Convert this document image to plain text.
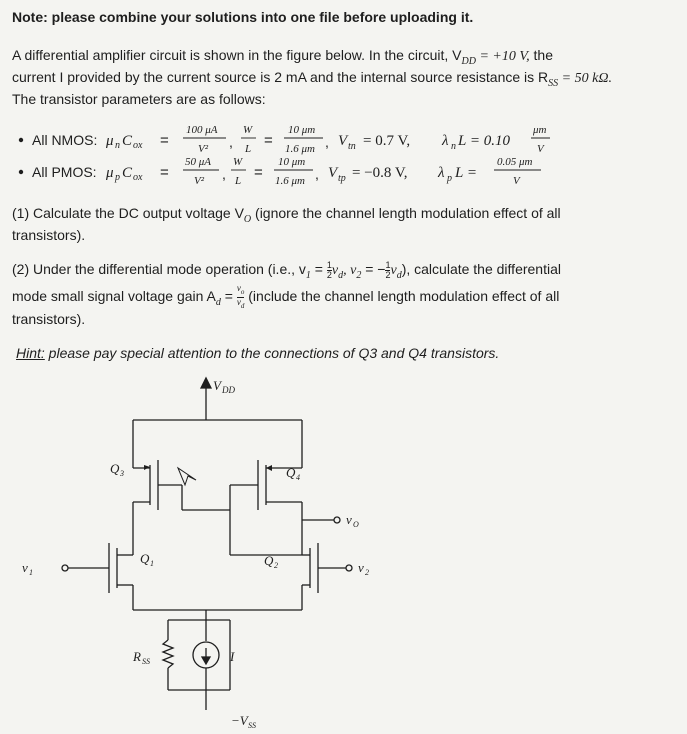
Note: please combine your solutions into one file before uploading it.
A differential amplifier circuit is shown in the figure below. In the circuit, $V_{DD} = +10$ V, the
current I provided by the current source is 2 mA and the internal source resistance is $R_{SS} = 50$ kΩ.
The transistor parameters are as follows:
All NMOS: μ n C ox =
100 μA
V² ,
W
L =
10 μm
1.6 μm , V tn = 0.7 V, λ n L = 0.10
μm
V
All PMOS: μ p C ox =
50 μA
V² ,
W
L =
10 μm
1.6 μm , V tp = −0.8 V, λ p L =
0.05 μm
V
(1) Calculate the DC output voltage $V_O$ (ignore the channel length modulation effect of all
transistors).
(2) Under the differential mode operation (i.e., $v_1 = \frac{1}{2} v_d$, $v_2$ = − $\frac{1}{2} v_d$), calculate the differential
mode small signal voltage gain $A_d = \frac{v_o}{v_d}$ (include the channel length modulation effect of all
transistors).
Hint: please pay special attention to the connections of Q3 and Q4 transistors.
V DD
Q 3	Q 4
v O
Q 1	Q 2
v 1	v 2
R SS	I
−V SS
